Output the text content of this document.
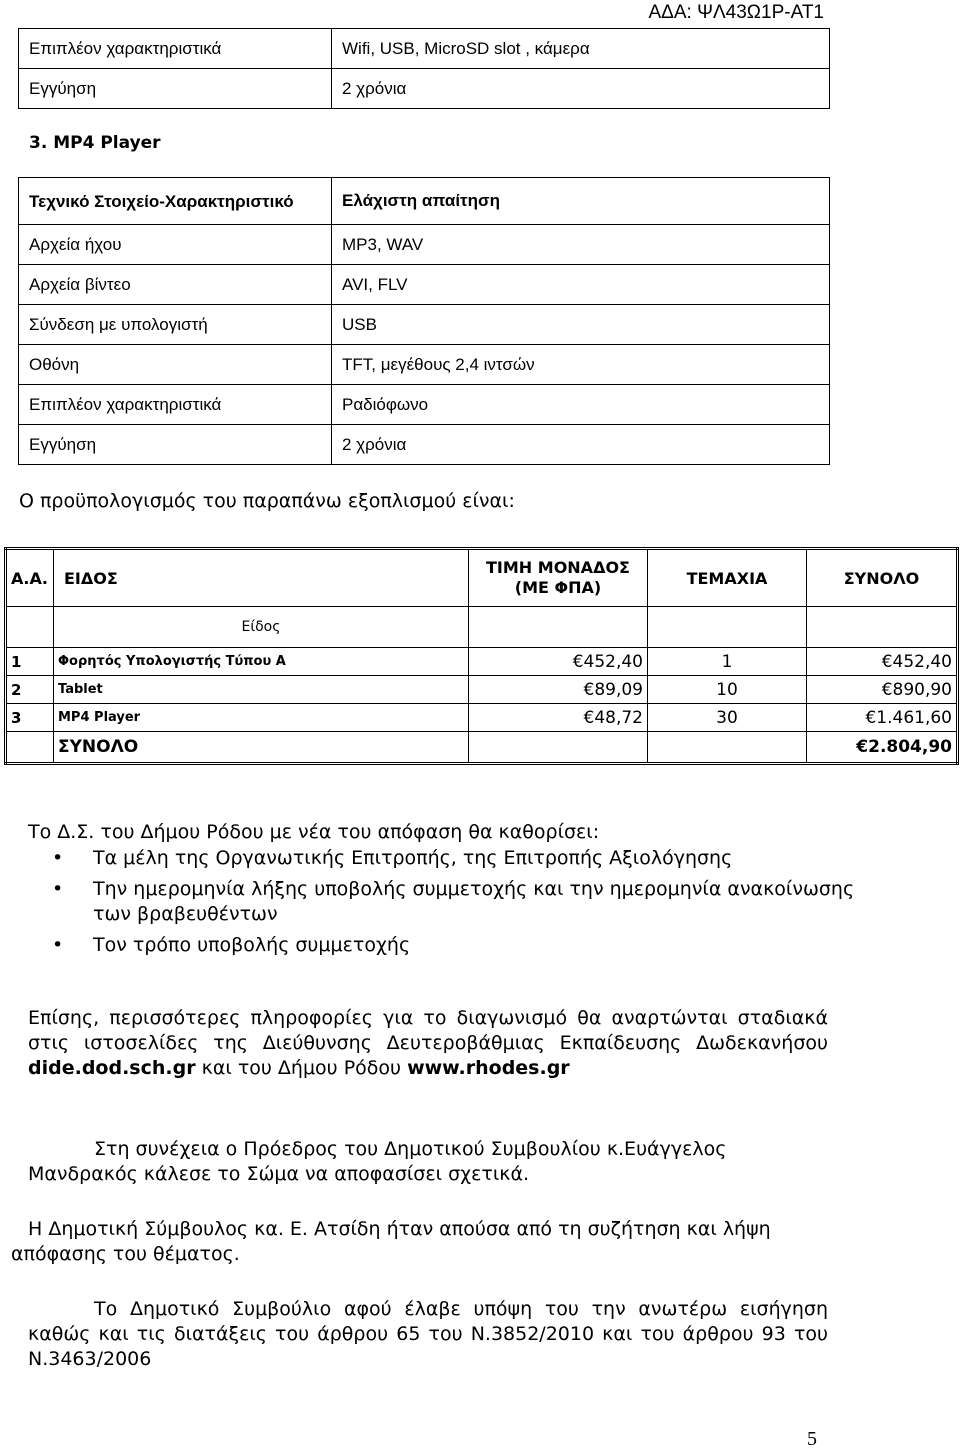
ΑΔΑ: ΨΛ43Ω1Ρ-ΑΤ1
Επιπλέον χαρακτηριστικά	Wifi, USB, MicroSD slot , κάμερα
Εγγύηση	2 χρόνια
3. MP4 Player
Τεχνικό Στοιχείο-Χαρακτηριστικό	Ελάχιστη απαίτηση
Αρχεία ήχου	MP3, WAV
Αρχεία βίντεο	AVI, FLV
Σύνδεση με υπολογιστή	USB
Οθόνη	TFT, μεγέθους 2,4 ιντσών
Επιπλέον χαρακτηριστικά	Ραδιόφωνο
Εγγύηση	2 χρόνια
Ο προϋπολογισμός του παραπάνω εξοπλισμού είναι:
Α.Α.	ΕΙΔΟΣ	ΤΙΜΗ ΜΟΝΑΔΟΣ (ΜΕ ΦΠΑ)	ΤΕΜΑΧΙΑ	ΣΥΝΟΛΟ
	Είδος			
1	Φορητός Υπολογιστής Τύπου Α	€452,40	1	€452,40
2	Tablet	€89,09	10	€890,90
3	MP4 Player	€48,72	30	€1.461,60
	ΣΥΝΟΛΟ			€2.804,90
Το Δ.Σ. του Δήμου Ρόδου με νέα του απόφαση θα καθορίσει:
• Τα μέλη της Οργανωτικής Επιτροπής, της Επιτροπής Αξιολόγησης
• Την ημερομηνία λήξης υποβολής συμμετοχής και την ημερομηνία ανακοίνωσης των βραβευθέντων
• Τον τρόπο υποβολής συμμετοχής
Επίσης, περισσότερες πληροφορίες για το διαγωνισμό θα αναρτώνται σταδιακά στις ιστοσελίδες της Διεύθυνσης Δευτεροβάθμιας Εκπαίδευσης Δωδεκανήσου dide.dod.sch.gr και του Δήμου Ρόδου www.rhodes.gr
Στη συνέχεια ο Πρόεδρος του Δημοτικού Συμβουλίου κ.Ευάγγελος Μανδρακός κάλεσε το Σώμα να αποφασίσει σχετικά.
Η Δημοτική Σύμβουλος κα. Ε. Ατσίδη ήταν απούσα από τη συζήτηση και λήψη απόφασης του θέματος.
Το Δημοτικό Συμβούλιο αφού έλαβε υπόψη του την ανωτέρω εισήγηση καθώς και τις διατάξεις του άρθρου 65 του Ν.3852/2010 και του άρθρου 93 του Ν.3463/2006
5
